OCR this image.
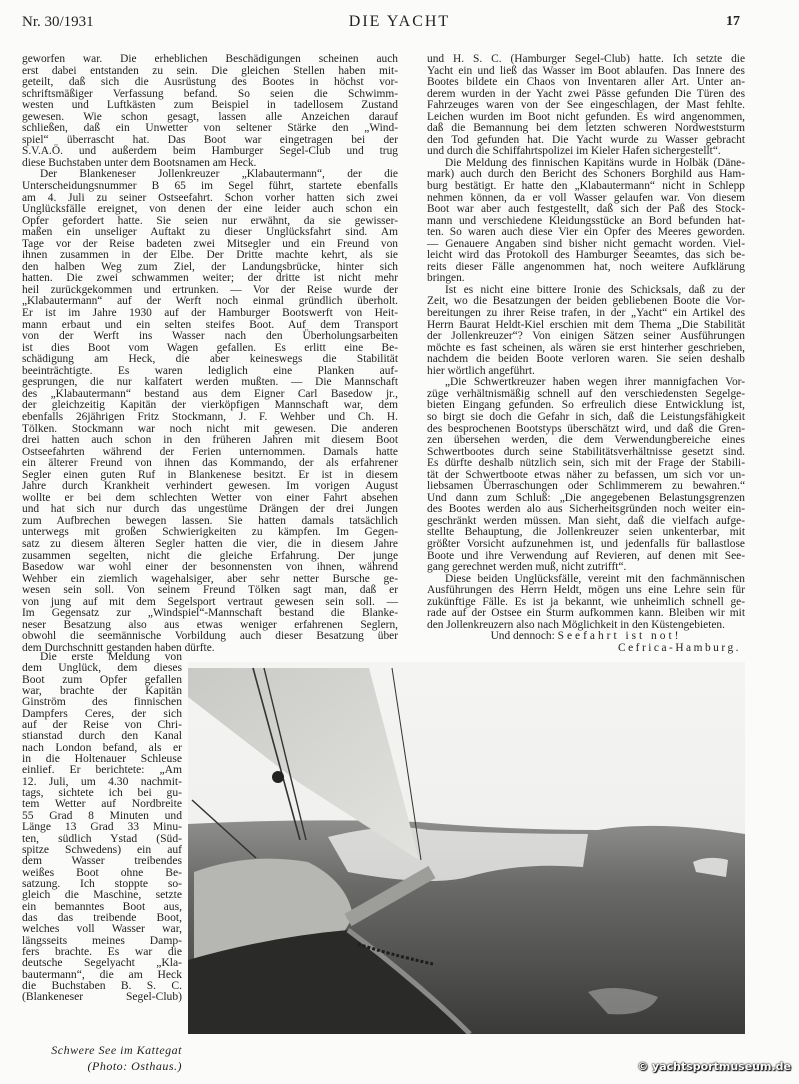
Nr. 30/1931	DIE YACHT	17
geworfen war. Die erheblichen Beschädigungen scheinen auch
erst dabei entstanden zu sein. Die gleichen Stellen haben mit-
geteilt, daß sich die Ausrüstung des Bootes in höchst vor-
schriftsmäßiger Verfassung befand. So seien die Schwimm-
westen und Luftkästen zum Beispiel in tadellosem Zustand
gewesen. Wie schon gesagt, lassen alle Anzeichen darauf
schließen, daß ein Unwetter von seltener Stärke den „Wind-
spiel“ überrascht hat. Das Boot war eingetragen bei der
S.V.A.Ö. und außerdem beim Hamburger Segel-Club und trug
diese Buchstaben unter dem Bootsnamen am Heck.
Der Blankeneser Jollenkreuzer „Klabautermann“, der die
Unterscheidungsnummer B 65 im Segel führt, startete ebenfalls
am 4. Juli zu seiner Ostseefahrt. Schon vorher hatten sich zwei
Unglücksfälle ereignet, von denen der eine leider auch schon ein
Opfer gefordert hatte. Sie seien nur erwähnt, da sie gewisser-
maßen ein unseliger Auftakt zu dieser Unglücksfahrt sind. Am
Tage vor der Reise badeten zwei Mitsegler und ein Freund von
ihnen zusammen in der Elbe. Der Dritte machte kehrt, als sie
den halben Weg zum Ziel, der Landungsbrücke, hinter sich
hatten. Die zwei schwammen weiter; der dritte ist nicht mehr
heil zurückgekommen und ertrunken. — Vor der Reise wurde der
„Klabautermann“ auf der Werft noch einmal gründlich überholt.
Er ist im Jahre 1930 auf der Hamburger Bootswerft von Heit-
mann erbaut und ein selten steifes Boot. Auf dem Transport
von der Werft ins Wasser nach den Überholungsarbeiten
ist dies Boot vom Wagen gefallen. Es erlitt eine Be-
schädigung am Heck, die aber keineswegs die Stabilität
beeinträchtigte. Es waren lediglich eine Planken auf-
gesprungen, die nur kalfatert werden mußten. — Die Mannschaft
des „Klabautermann“ bestand aus dem Eigner Carl Basedow jr.,
der gleichzeitig Kapitän der vierköpfigen Mannschaft war, dem
ebenfalls 26jährigen Fritz Stockmann, J. F. Wehber und Ch. H.
Tölken. Stockmann war noch nicht mit gewesen. Die anderen
drei hatten auch schon in den früheren Jahren mit diesem Boot
Ostseefahrten während der Ferien unternommen. Damals hatte
ein älterer Freund von ihnen das Kommando, der als erfahrener
Segler einen guten Ruf in Blankenese besitzt. Er ist in diesem
Jahre durch Krankheit verhindert gewesen. Im vorigen August
wollte er bei dem schlechten Wetter von einer Fahrt absehen
und hat sich nur durch das ungestüme Drängen der drei Jungen
zum Aufbrechen bewegen lassen. Sie hatten damals tatsächlich
unterwegs mit großen Schwierigkeiten zu kämpfen. Im Gegen-
satz zu diesem älteren Segler hatten die vier, die in diesem Jahre
zusammen segelten, nicht die gleiche Erfahrung. Der junge
Basedow war wohl einer der besonnensten von ihnen, während
Wehber ein ziemlich wagehalsiger, aber sehr netter Bursche ge-
wesen sein soll. Von seinem Freund Tölken sagt man, daß er
von jung auf mit dem Segelsport vertraut gewesen sein soll. —
Im Gegensatz zur „Windspiel“-Mannschaft bestand die Blanke-
neser Besatzung also aus etwas weniger erfahrenen Seglern,
obwohl die seemännische Vorbildung auch dieser Besatzung über
dem Durchschnitt gestanden haben dürfte.
und H. S. C. (Hamburger Segel-Club) hatte. Ich setzte die
Yacht ein und ließ das Wasser im Boot ablaufen. Das Innere des
Bootes bildete ein Chaos von Inventaren aller Art. Unter an-
derem wurden in der Yacht zwei Pässe gefunden Die Türen des
Fahrzeuges waren von der See eingeschlagen, der Mast fehlte.
Leichen wurden im Boot nicht gefunden. Es wird angenommen,
daß die Bemannung bei dem letzten schweren Nordweststurm
den Tod gefunden hat. Die Yacht wurde zu Wasser gebracht
und durch die Schiffahrtspolizei im Kieler Hafen sichergestellt“.
Die Meldung des finnischen Kapitäns wurde in Holbäk (Däne-
mark) auch durch den Bericht des Schoners Borghild aus Ham-
burg bestätigt. Er hatte den „Klabautermann“ nicht in Schlepp
nehmen können, da er voll Wasser gelaufen war. Von diesem
Boot war aber auch festgestellt, daß sich der Paß des Stock-
mann und verschiedene Kleidungsstücke an Bord befunden hat-
ten. So waren auch diese Vier ein Opfer des Meeres geworden.
— Genauere Angaben sind bisher nicht gemacht worden. Viel-
leicht wird das Protokoll des Hamburger Seeamtes, das sich be-
reits dieser Fälle angenommen hat, noch weitere Aufklärung
bringen.
Ist es nicht eine bittere Ironie des Schicksals, daß zu der
Zeit, wo die Besatzungen der beiden gebliebenen Boote die Vor-
bereitungen zu ihrer Reise trafen, in der „Yacht“ ein Artikel des
Herrn Baurat Heldt-Kiel erschien mit dem Thema „Die Stabilität
der Jollenkreuzer“? Von einigen Sätzen seiner Ausführungen
möchte es fast scheinen, als wären sie erst hinterher geschrieben,
nachdem die beiden Boote verloren waren. Sie seien deshalb
hier wörtlich angeführt.
„Die Schwertkreuzer haben wegen ihrer mannigfachen Vor-
züge verhältnismäßig schnell auf den verschiedensten Segelge-
bieten Eingang gefunden. So erfreulich diese Entwicklung ist,
so birgt sie doch die Gefahr in sich, daß die Leistungsfähigkeit
des besprochenen Bootstyps überschätzt wird, und daß die Gren-
zen übersehen werden, die dem Verwendungbereiche eines
Schwertbootes durch seine Stabilitätsverhältnisse gesetzt sind.
Es dürfte deshalb nützlich sein, sich mit der Frage der Stabili-
tät der Schwertboote etwas näher zu befassen, um sich vor un-
liebsamen Überraschungen oder Schlimmerem zu bewahren.“
Und dann zum Schluß: „Die angegebenen Belastungsgrenzen
des Bootes werden alo aus Sicherheitsgründen noch weiter ein-
geschränkt werden müssen. Man sieht, daß die vielfach aufge-
stellte Behauptung, die Jollenkreuzer seien unkenterbar, mit
größter Vorsicht aufzunehmen ist, und jedenfalls für ballastlose
Boote und ihre Verwendung auf Revieren, auf denen mit See-
gang gerechnet werden muß, nicht zutrifft“.
Diese beiden Unglücksfälle, vereint mit den fachmännischen
Ausführungen des Herrn Heldt, mögen uns eine Lehre sein für
zukünftige Fälle. Es ist ja bekannt, wie unheimlich schnell ge-
rade auf der Ostsee ein Sturm aufkommen kann. Bleiben wir mit
den Jollenkreuzern also nach Möglichkeit in den Küstengebieten.
Und dennoch: Seefahrt ist not!
Cefrica-Hamburg.
Die erste Meldung von
dem Unglück, dem dieses
Boot zum Opfer gefallen
war, brachte der Kapitän
Ginström des finnischen
Dampfers Ceres, der sich
auf der Reise von Chri-
stianstad durch den Kanal
nach London befand, als er
in die Holtenauer Schleuse
einlief. Er berichtete: „Am
12. Juli, um 4.30 nachmit-
tags, sichtete ich bei gu-
tem Wetter auf Nordbreite
55 Grad 8 Minuten und
Länge 13 Grad 33 Minu-
ten, südlich Ystad (Süd-
spitze Schwedens) ein auf
dem Wasser treibendes
weißes Boot ohne Be-
satzung. Ich stoppte so-
gleich die Maschine, setzte
ein bemanntes Boot aus,
das das treibende Boot,
welches voll Wasser war,
längsseits meines Damp-
fers brachte. Es war die
deutsche Segelyacht „Kla-
bautermann“, die am Heck
die Buchstaben B. S. C.
(Blankeneser Segel-Club)
Schwere See im Kattegat
(Photo: Osthaus.)	© yachtsportmuseum.de
